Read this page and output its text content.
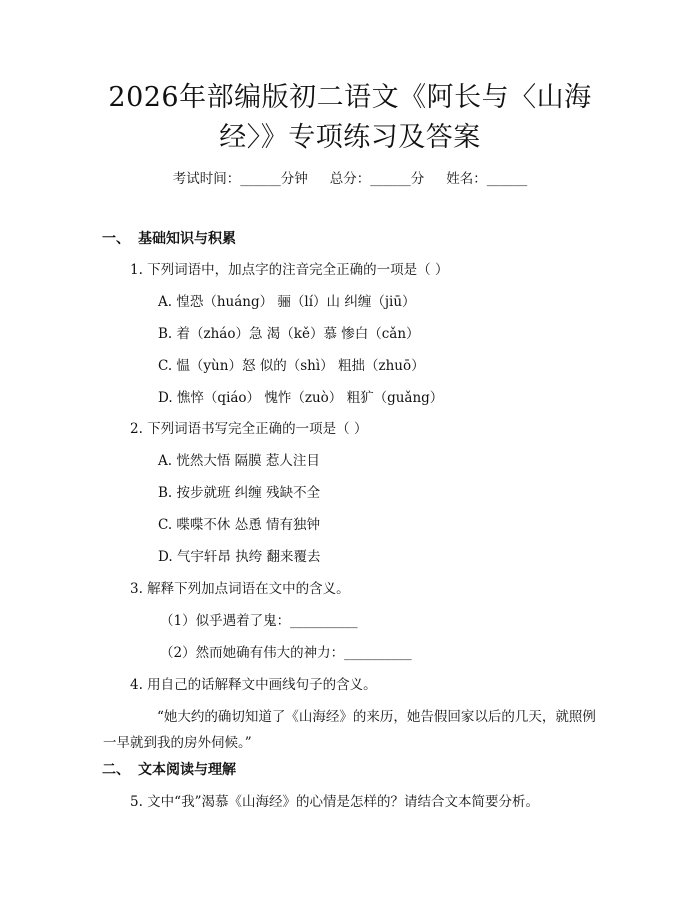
2026年部编版初二语文《阿长与〈山海
经〉》专项练习及答案
考试时间：______分钟 总分：______分 姓名：______
一、 基础知识与积累
1. 下列词语中，加点字的注音完全正确的一项是（ ）
A. 惶恐（huáng） 骊（lí）山 纠缠（jiū）
B. 着（zháo）急 渴（kě）慕 惨白（cǎn）
C. 愠（yùn）怒 似的（shì） 粗拙（zhuō）
D. 憔悴（qiáo） 愧怍（zuò） 粗犷（guǎng）
2. 下列词语书写完全正确的一项是（ ）
A. 恍然大悟 隔膜 惹人注目
B. 按步就班 纠缠 残缺不全
C. 喋喋不休 怂恿 情有独钟
D. 气宇轩昂 执绔 翻来覆去
3. 解释下列加点词语在文中的含义。
（1）似乎遇着了鬼：__________
（2）然而她确有伟大的神力：__________
4. 用自己的话解释文中画线句子的含义。
“她大约的确切知道了《山海经》的来历，她告假回家以后的几天，就照例一早就到我的房外伺候。”
二、 文本阅读与理解
5. 文中“我”渴慕《山海经》的心情是怎样的？请结合文本简要分析。
